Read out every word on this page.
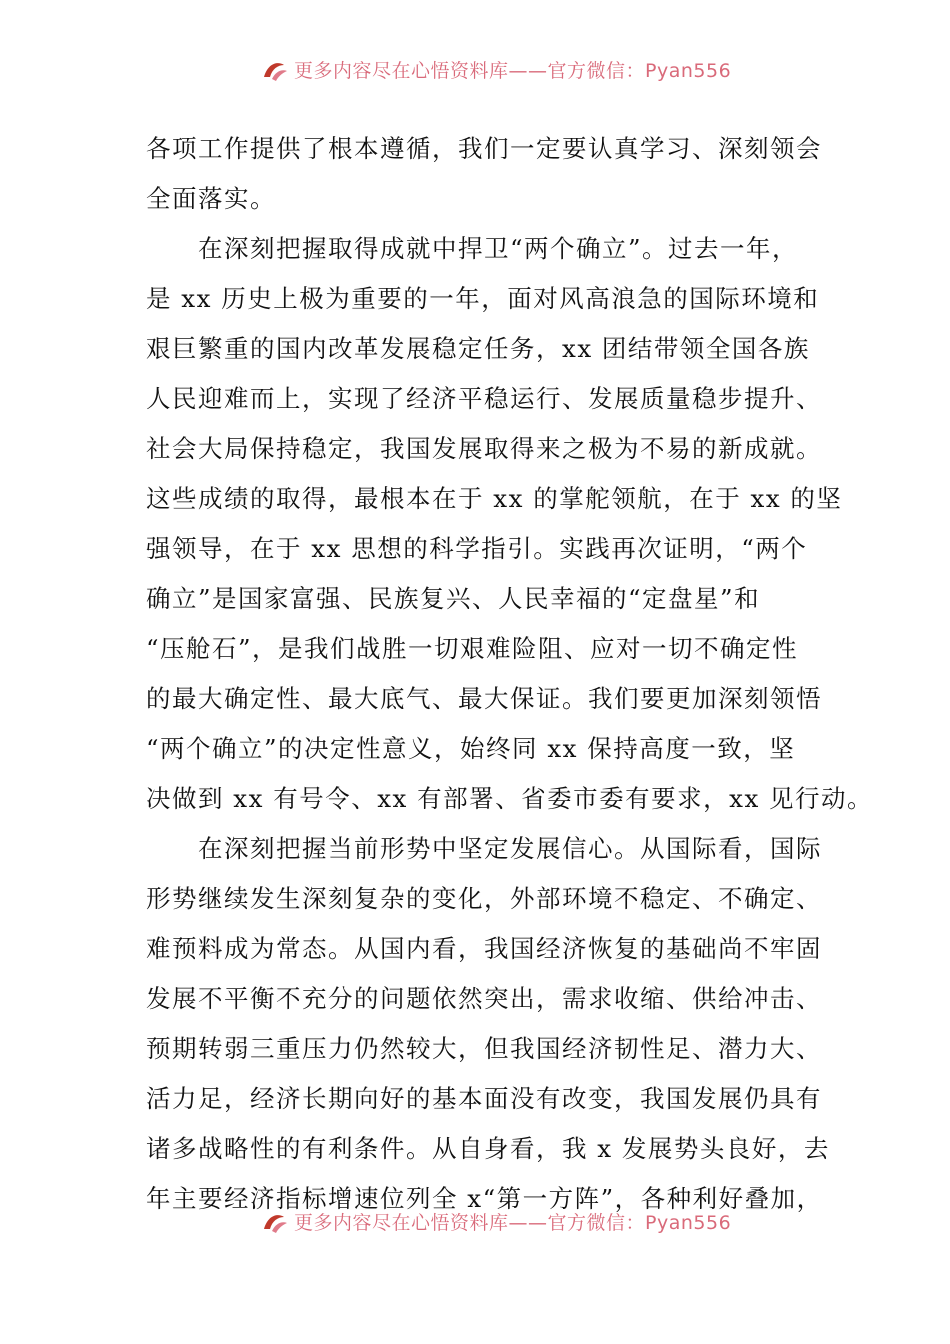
更多内容尽在心悟资料库——官方微信：Pyan556
各项工作提供了根本遵循，我们一定要认真学习、深刻领会
全面落实。
在深刻把握取得成就中捍卫“两个确立”。过去一年，
是 xx 历史上极为重要的一年，面对风高浪急的国际环境和
艰巨繁重的国内改革发展稳定任务，xx 团结带领全国各族
人民迎难而上，实现了经济平稳运行、发展质量稳步提升、
社会大局保持稳定，我国发展取得来之极为不易的新成就。
这些成绩的取得，最根本在于 xx 的掌舵领航，在于 xx 的坚
强领导，在于 xx 思想的科学指引。实践再次证明，“两个
确立”是国家富强、民族复兴、人民幸福的“定盘星”和
“压舱石”，是我们战胜一切艰难险阻、应对一切不确定性
的最大确定性、最大底气、最大保证。我们要更加深刻领悟
“两个确立”的决定性意义，始终同 xx 保持高度一致，坚
决做到 xx 有号令、xx 有部署、省委市委有要求，xx 见行动。
在深刻把握当前形势中坚定发展信心。从国际看，国际
形势继续发生深刻复杂的变化，外部环境不稳定、不确定、
难预料成为常态。从国内看，我国经济恢复的基础尚不牢固
发展不平衡不充分的问题依然突出，需求收缩、供给冲击、
预期转弱三重压力仍然较大，但我国经济韧性足、潜力大、
活力足，经济长期向好的基本面没有改变，我国发展仍具有
诸多战略性的有利条件。从自身看，我 x 发展势头良好，去
年主要经济指标增速位列全 x“第一方阵”，各种利好叠加，
更多内容尽在心悟资料库——官方微信：Pyan556
